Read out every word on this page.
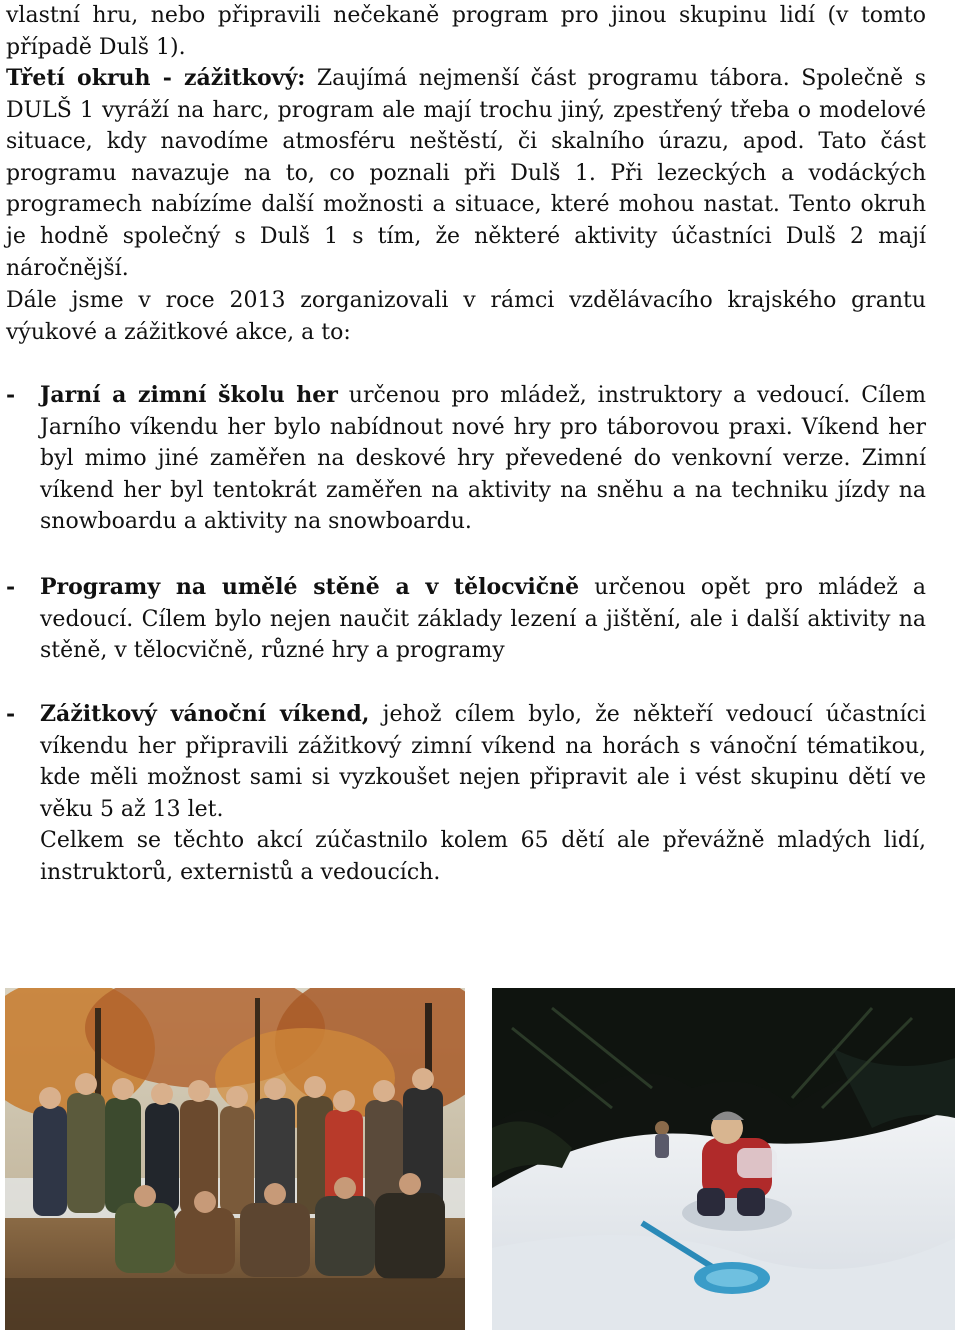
vlastní hru, nebo připravili nečekaně program pro jinou skupinu lidí (v tomto případě Dulš 1).

Třetí okruh - zážitkový: Zaujímá nejmenší část programu tábora. Společně s DULŠ 1 vyráží na harc, program ale mají trochu jiný, zpestřený třeba o modelové situace, kdy navodíme atmosféru neštěstí, či skalního úrazu, apod. Tato část programu navazuje na to, co poznali při Dulš 1. Při lezeckých a vodáckých programech nabízíme další možnosti a situace, které mohou nastat. Tento okruh je hodně společný s Dulš 1 s tím, že některé aktivity účastníci Dulš 2 mají náročnější.

Dále jsme v roce 2013 zorganizovali v rámci vzdělávacího krajského grantu výukové a zážitkové akce, a to:

- Jarní a zimní školu her určenou pro mládež, instruktory a vedoucí. Cílem Jarního víkendu her bylo nabídnout nové hry pro táborovou praxi. Víkend her byl mimo jiné zaměřen na deskové hry převedené do venkovní verze. Zimní víkend her byl tentokrát zaměřen na aktivity na sněhu a na techniku jízdy na snowboardu a aktivity na snowboardu.

- Programy na umělé stěně a v tělocvičně určenou opět pro mládež a vedoucí. Cílem bylo nejen naučit základy lezení a jištění, ale i další aktivity na stěně, v tělocvičně, různé hry a programy

- Zážitkový vánoční víkend, jehož cílem bylo, že někteří vedoucí účastníci víkendu her připravili zážitkový zimní víkend na horách s vánoční tématikou, kde měli možnost sami si vyzkoušet nejen připravit ale i vést skupinu dětí ve věku 5 až 13 let.

Celkem se těchto akcí zúčastnilo kolem 65 dětí ale převážně mladých lidí, instruktorů, externistů a vedoucích.
